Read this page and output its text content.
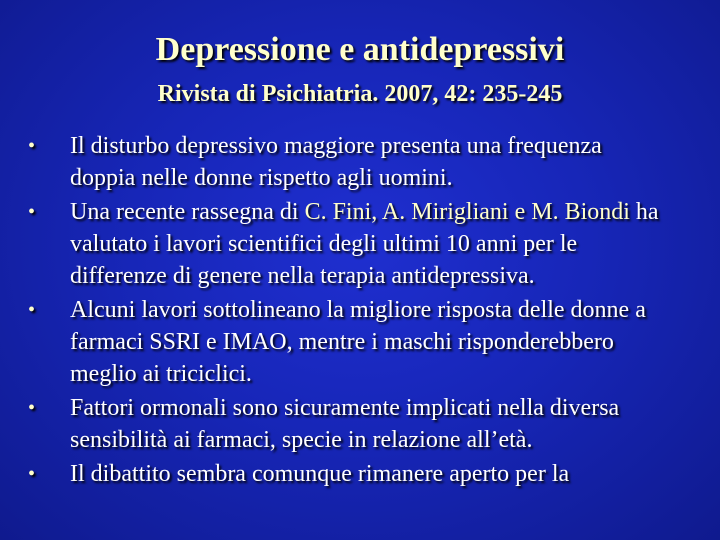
Depressione e antidepressivi
Rivista di Psichiatria. 2007, 42: 235-245
• Il disturbo depressivo maggiore presenta una frequenza doppia nelle donne rispetto agli uomini.
• Una recente rassegna di C. Fini, A. Mirigliani e M. Biondi ha valutato i lavori scientifici degli ultimi 10 anni per le differenze di genere nella terapia antidepressiva.
• Alcuni lavori sottolineano la migliore risposta delle donne a farmaci SSRI e IMAO, mentre i maschi risponderebbero meglio ai triciclici.
• Fattori ormonali sono sicuramente implicati nella diversa sensibilità ai farmaci, specie in relazione all’età.
• Il dibattito sembra comunque rimanere aperto per la
